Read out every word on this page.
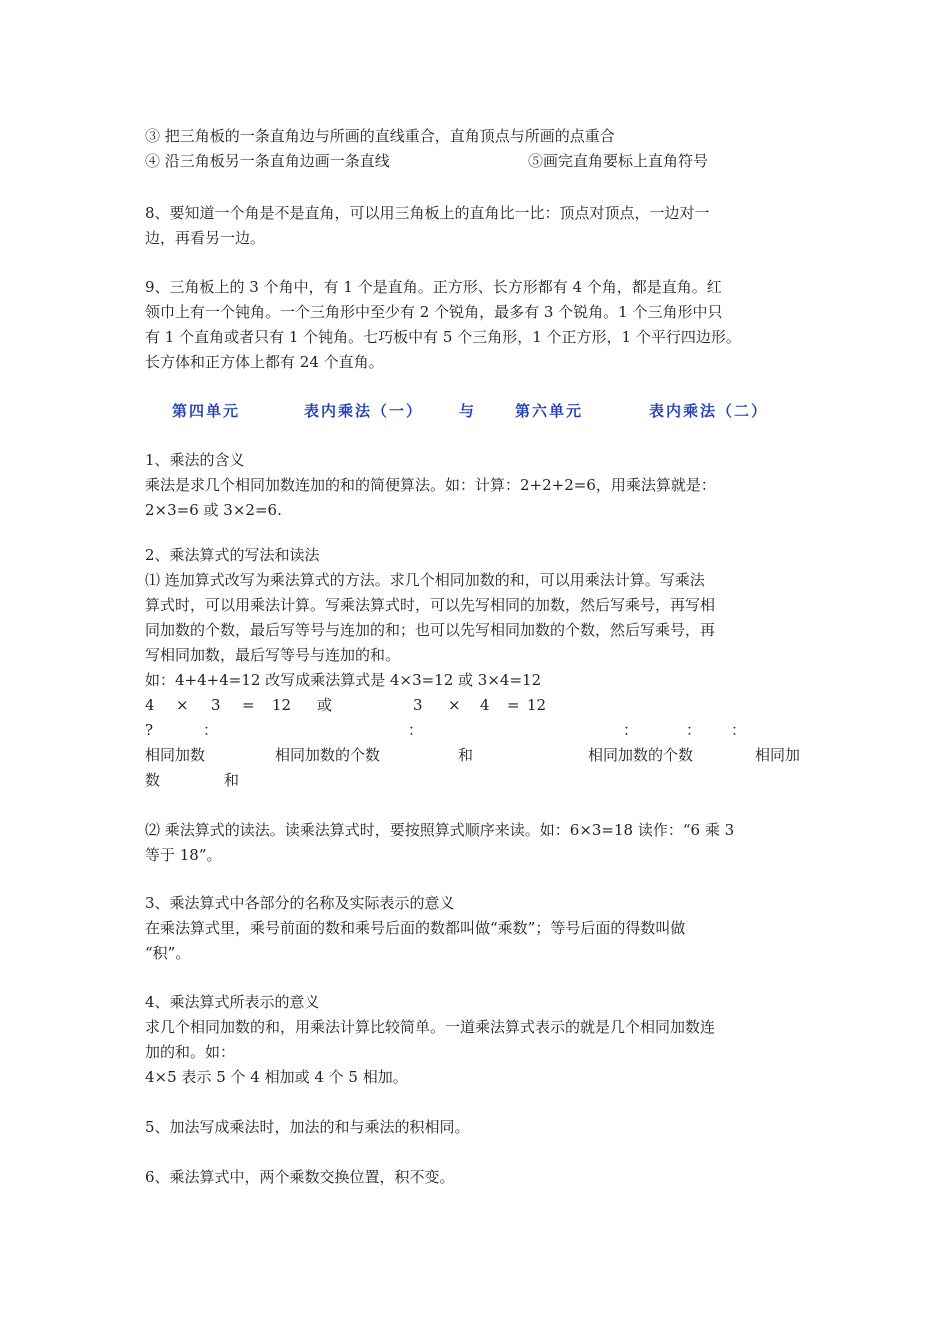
③ 把三角板的一条直角边与所画的直线重合，直角顶点与所画的点重合
④ 沿三角板另一条直角边画一条直线	⑤画完直角要标上直角符号
8、要知道一个角是不是直角，可以用三角板上的直角比一比：顶点对顶点，一边对一
边，再看另一边。
9、三角板上的 3 个角中，有 1 个是直角。正方形、长方形都有 4 个角，都是直角。红
领巾上有一个钝角。一个三角形中至少有 2 个锐角，最多有 3 个锐角。1 个三角形中只
有 1 个直角或者只有 1 个钝角。七巧板中有 5 个三角形，1 个正方形，1 个平行四边形。
长方体和正方体上都有 24 个直角。
第四单元	表内乘法（一） 与	第六单元	表内乘法（二）
1、乘法的含义
乘法是求几个相同加数连加的和的简便算法。如：计算：2+2+2=6，用乘法算就是：
2×3=6 或 3×2=6.
2、乘法算式的写法和读法
⑴ 连加算式改写为乘法算式的方法。求几个相同加数的和，可以用乘法计算。写乘法
算式时，可以用乘法计算。写乘法算式时，可以先写相同的加数，然后写乘号，再写相
同加数的个数，最后写等号与连加的和；也可以先写相同加数的个数，然后写乘号，再
写相同加数，最后写等号与连加的和。
如：4+4+4=12 改写成乘法算式是 4×3=12 或 3×4=12
4 × 3 = 12 或	3 × 4 = 12
?	：	：	：	： ：
相同加数	相同加数的个数	和	相同加数的个数	相同加
数	和
⑵ 乘法算式的读法。读乘法算式时，要按照算式顺序来读。如：6×3=18 读作：“6 乘 3
等于 18”。
3、乘法算式中各部分的名称及实际表示的意义
在乘法算式里，乘号前面的数和乘号后面的数都叫做“乘数”；等号后面的得数叫做
“积”。
4、乘法算式所表示的意义
求几个相同加数的和，用乘法计算比较简单。一道乘法算式表示的就是几个相同加数连
加的和。如：
4×5 表示 5 个 4 相加或 4 个 5 相加。
5、加法写成乘法时，加法的和与乘法的积相同。
6、乘法算式中，两个乘数交换位置，积不变。
